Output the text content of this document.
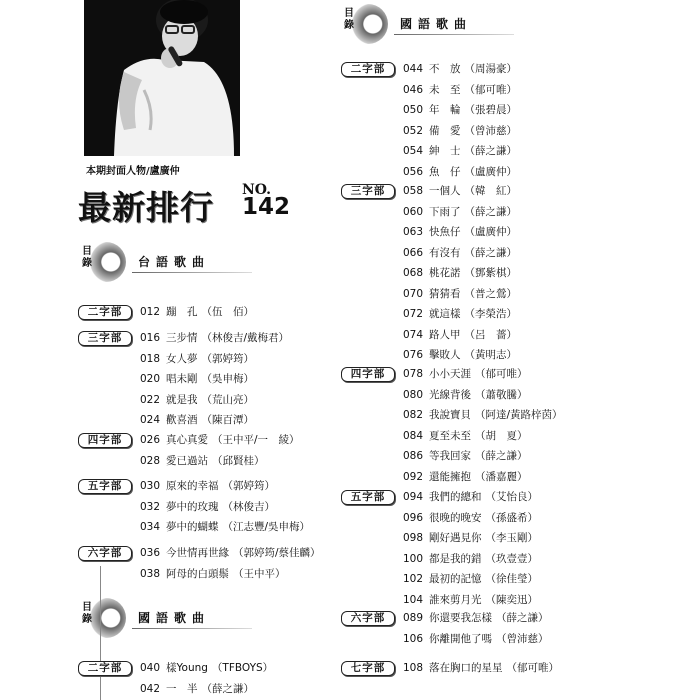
本期封面人物/盧廣仲
最新排行 NO.
142
目錄	台語歌曲
二字部	012 蹦　孔 （伍　佰）
三字部	016 三步情 （林俊吉/戴梅君）
018 女人夢 （郭婷筠）
020 唱未剛 （吳申梅）
022 就是我 （荒山亮）
024 歡喜酒 （陳百潭）
四字部	026 真心真愛 （王中平/一　綾）
028 愛已過站 （邱賢桂）
五字部	030 原來的幸福 （郭婷筠）
032 夢中的玫瑰 （林俊吉）
034 夢中的蝴蝶 （江志豐/吳申梅）
六字部	036 今世情再世緣 （郭婷筠/蔡佳麟）
038 阿母的白頭鬃 （王中平）
目錄	國語歌曲
二字部	040 樣Young （TFBOYS）
042 一　半 （薛之謙）
目錄	國語歌曲
二字部	044 不　放 （周湯豪）
046 未　至 （郁可唯）
050 年　輪 （張碧晨）
052 備　愛 （曾沛慈）
054 紳　士 （薛之謙）
056 魚　仔 （盧廣仲）
三字部	058 一個人 （韓　紅）
060 下雨了 （薛之謙）
063 快魚仔 （盧廣仲）
066 有沒有 （薛之謙）
068 桃花諾 （鄧紫棋）
070 猜猜看 （普之鶯）
072 就這樣 （李榮浩）
074 路人甲 （呂　薔）
076 擊敗人 （黃明志）
四字部	078 小小天涯 （郁可唯）
080 光線背後 （蕭敬騰）
082 我說寶貝 （阿達/黃路梓茵）
084 夏至未至 （胡　夏）
086 等我回家 （薛之謙）
092 還能擁抱 （潘嘉麗）
五字部	094 我們的總和 （艾怡良）
096 很晚的晚安 （孫盛希）
098 剛好遇見你 （李玉剛）
100 都是我的錯 （玖壹壹）
102 最初的記憶 （徐佳瑩）
104 誰來剪月光 （陳奕迅）
六字部	089 你還要我怎樣 （薛之謙）
106 你離開他了嗎 （曾沛慈）
七字部	108 落在胸口的星星 （郁可唯）
